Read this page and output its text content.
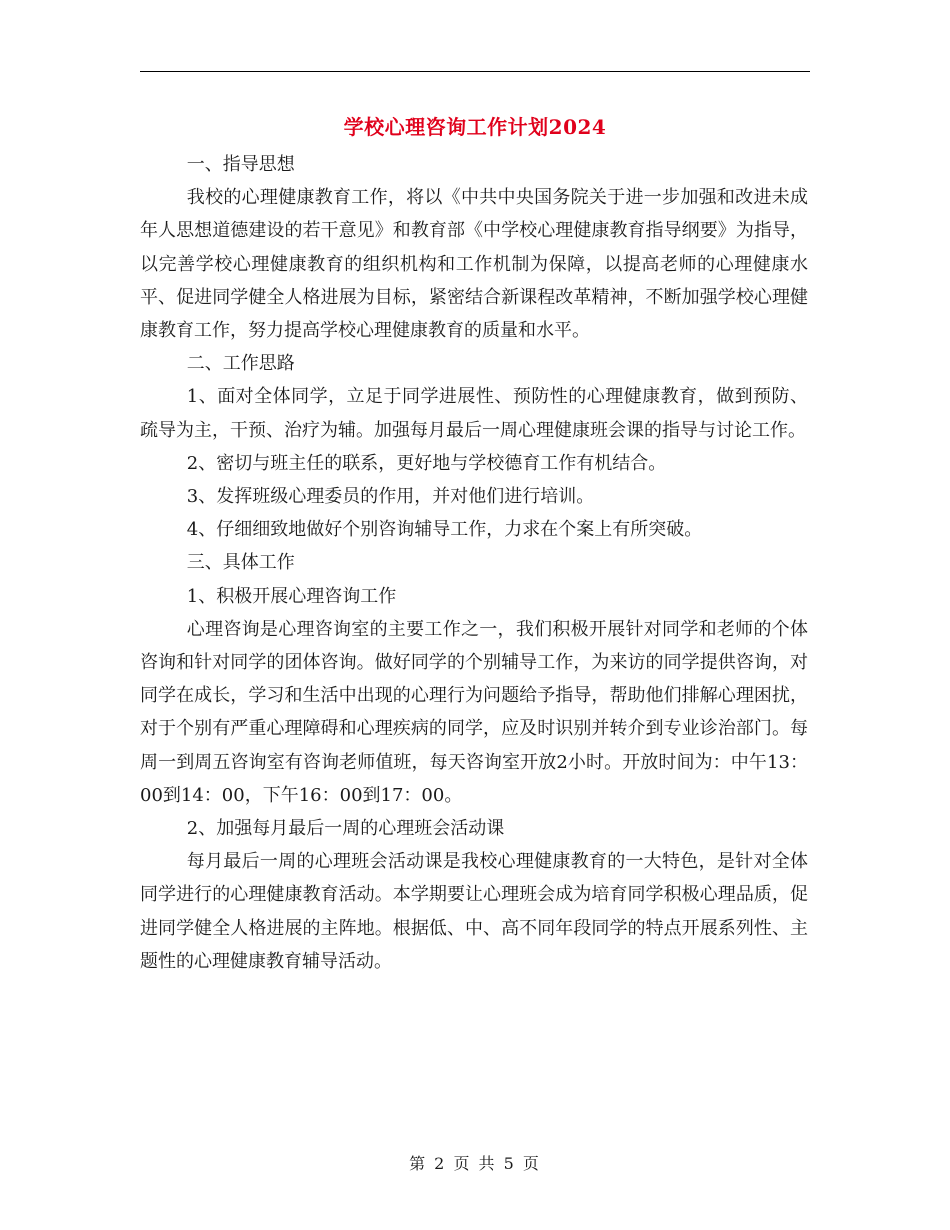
学校心理咨询工作计划2024

一、指导思想

我校的心理健康教育工作，将以《中共中央国务院关于进一步加强和改进未成年人思想道德建设的若干意见》和教育部《中学校心理健康教育指导纲要》为指导，以完善学校心理健康教育的组织机构和工作机制为保障，以提高老师的心理健康水平、促进同学健全人格进展为目标，紧密结合新课程改革精神，不断加强学校心理健康教育工作，努力提高学校心理健康教育的质量和水平。

二、工作思路

1、面对全体同学，立足于同学进展性、预防性的心理健康教育，做到预防、疏导为主，干预、治疗为辅。加强每月最后一周心理健康班会课的指导与讨论工作。

2、密切与班主任的联系，更好地与学校德育工作有机结合。

3、发挥班级心理委员的作用，并对他们进行培训。

4、仔细细致地做好个别咨询辅导工作，力求在个案上有所突破。

三、具体工作

1、积极开展心理咨询工作

心理咨询是心理咨询室的主要工作之一，我们积极开展针对同学和老师的个体咨询和针对同学的团体咨询。做好同学的个别辅导工作，为来访的同学提供咨询，对同学在成长，学习和生活中出现的心理行为问题给予指导，帮助他们排解心理困扰，对于个别有严重心理障碍和心理疾病的同学，应及时识别并转介到专业诊治部门。每周一到周五咨询室有咨询老师值班，每天咨询室开放2小时。开放时间为：中午13：00到14：00，下午16：00到17：00。

2、加强每月最后一周的心理班会活动课

每月最后一周的心理班会活动课是我校心理健康教育的一大特色，是针对全体同学进行的心理健康教育活动。本学期要让心理班会成为培育同学积极心理品质，促进同学健全人格进展的主阵地。根据低、中、高不同年段同学的特点开展系列性、主题性的心理健康教育辅导活动。

第 2 页 共 5 页
